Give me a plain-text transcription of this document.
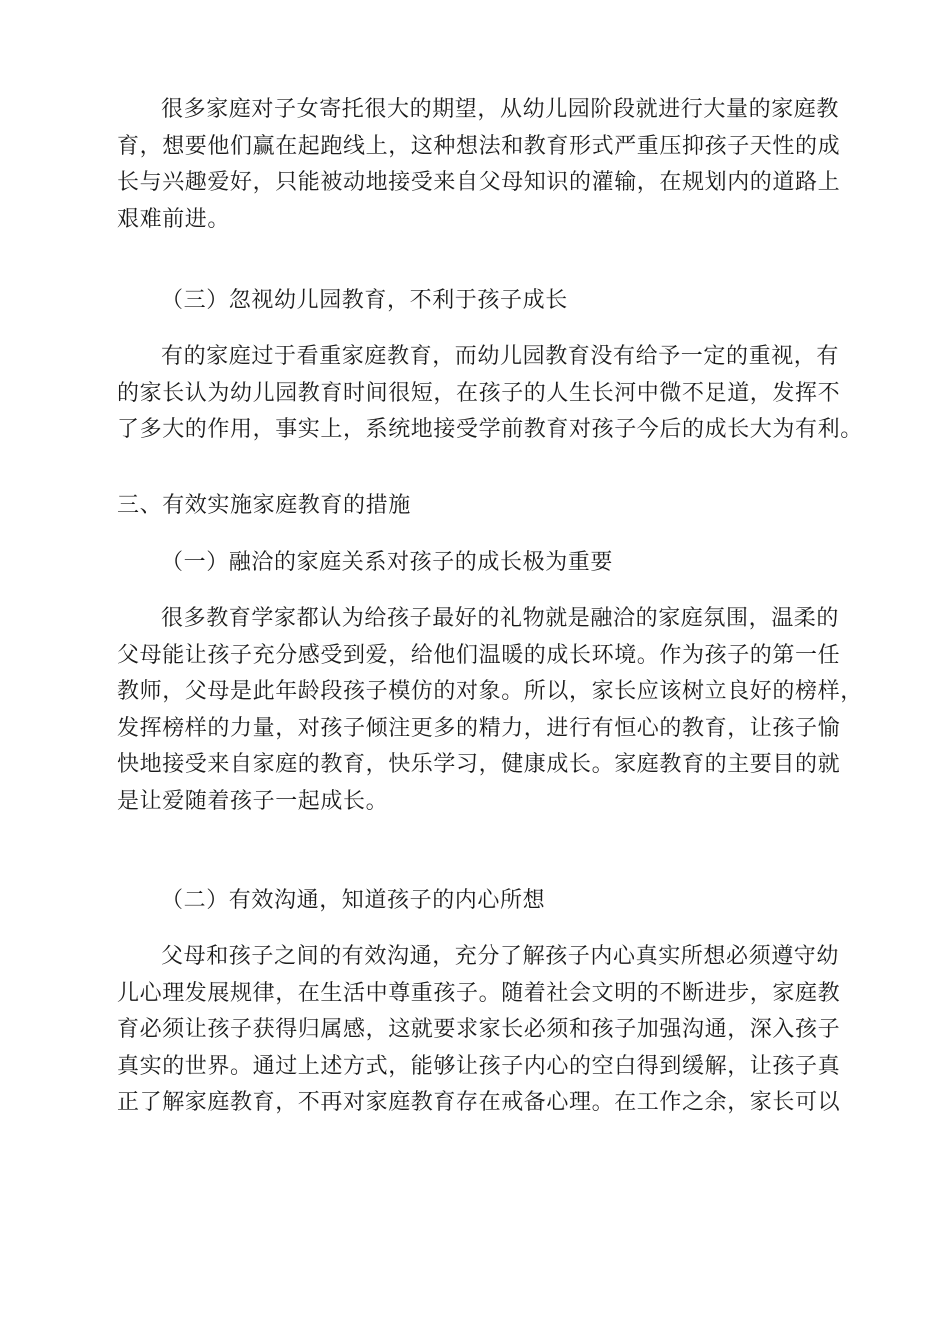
很多家庭对子女寄托很大的期望，从幼儿园阶段就进行大量的家庭教
育，想要他们赢在起跑线上，这种想法和教育形式严重压抑孩子天性的成
长与兴趣爱好，只能被动地接受来自父母知识的灌输，在规划内的道路上
艰难前进。
（三）忽视幼儿园教育，不利于孩子成长
有的家庭过于看重家庭教育，而幼儿园教育没有给予一定的重视，有
的家长认为幼儿园教育时间很短，在孩子的人生长河中微不足道，发挥不
了多大的作用，事实上，系统地接受学前教育对孩子今后的成长大为有利。
三、有效实施家庭教育的措施
（一）融洽的家庭关系对孩子的成长极为重要
很多教育学家都认为给孩子最好的礼物就是融洽的家庭氛围，温柔的
父母能让孩子充分感受到爱，给他们温暖的成长环境。作为孩子的第一任
教师，父母是此年龄段孩子模仿的对象。所以，家长应该树立良好的榜样，
发挥榜样的力量，对孩子倾注更多的精力，进行有恒心的教育，让孩子愉
快地接受来自家庭的教育，快乐学习，健康成长。家庭教育的主要目的就
是让爱随着孩子一起成长。
（二）有效沟通，知道孩子的内心所想
父母和孩子之间的有效沟通，充分了解孩子内心真实所想必须遵守幼
儿心理发展规律，在生活中尊重孩子。随着社会文明的不断进步，家庭教
育必须让孩子获得归属感，这就要求家长必须和孩子加强沟通，深入孩子
真实的世界。通过上述方式，能够让孩子内心的空白得到缓解，让孩子真
正了解家庭教育，不再对家庭教育存在戒备心理。在工作之余，家长可以
